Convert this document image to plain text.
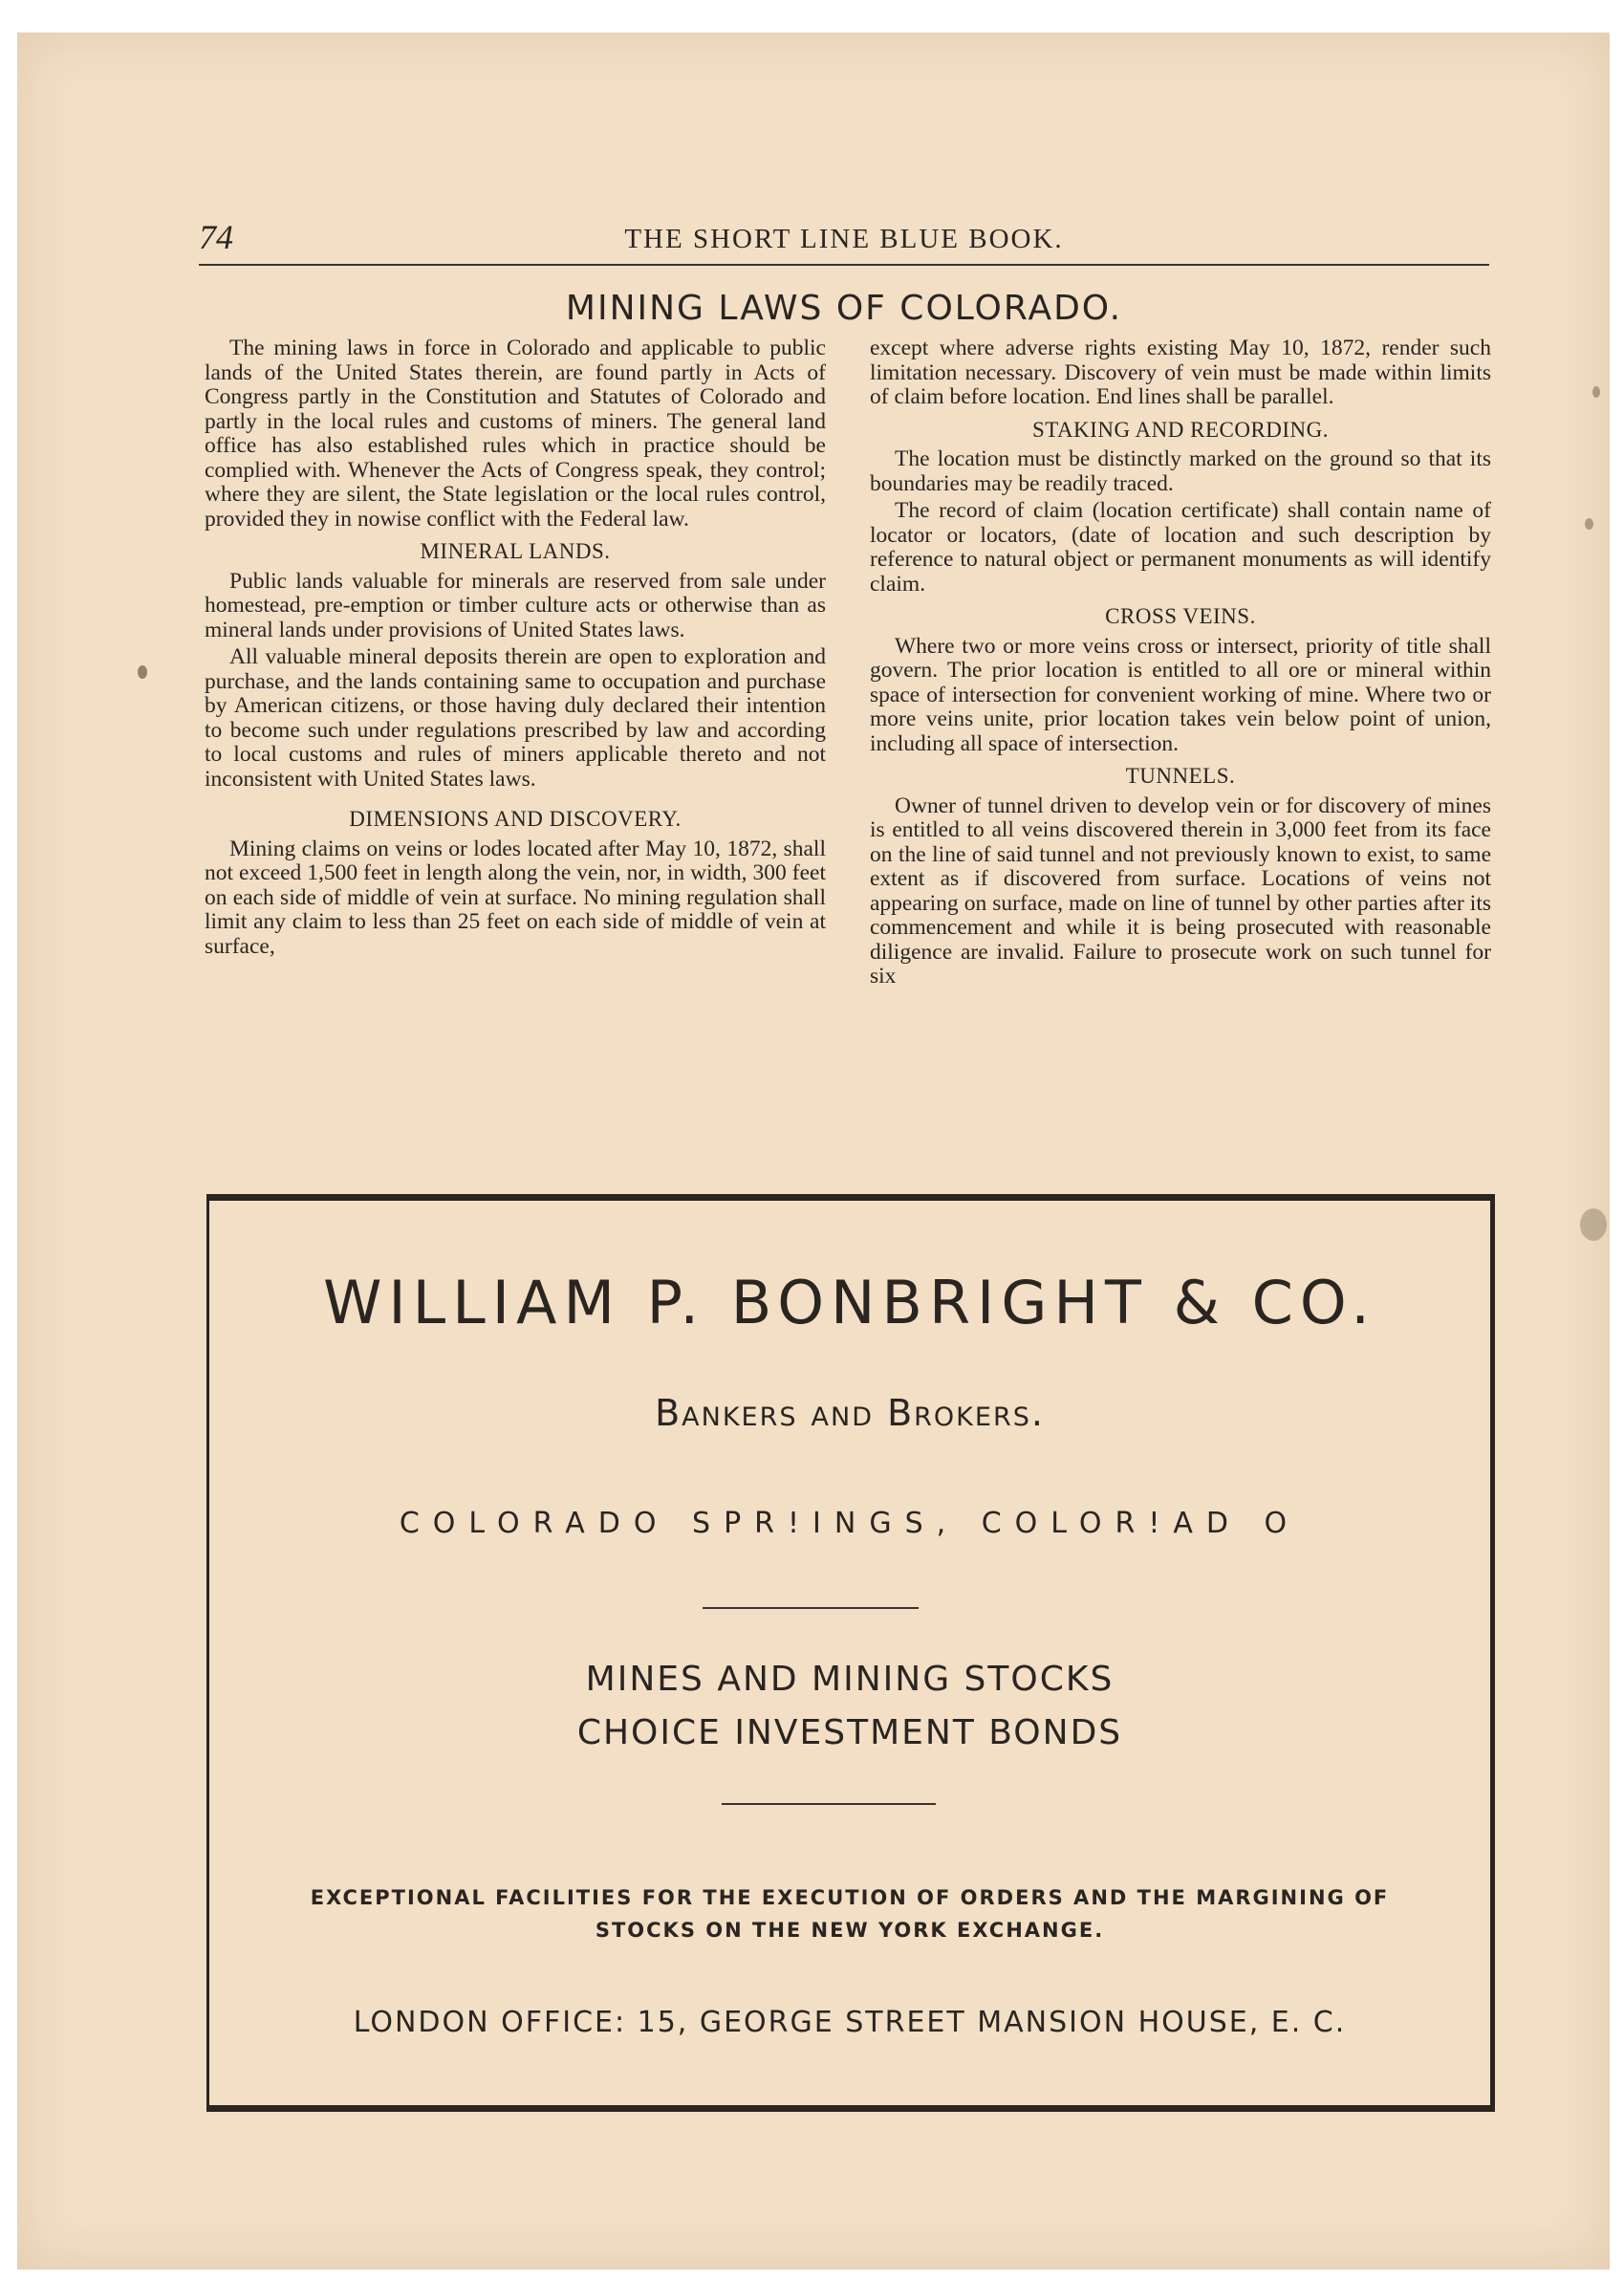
74	THE SHORT LINE BLUE BOOK.
MINING LAWS OF COLORADO.

The mining laws in force in Colorado and applicable to public lands of the United States therein, are found partly in Acts of Congress partly in the Constitution and Statutes of Colorado and partly in the local rules and customs of miners. The general land office has also established rules which in practice should be complied with. Whenever the Acts of Congress speak, they control; where they are silent, the State legislation or the local rules control, provided they in nowise conflict with the Federal law.

MINERAL LANDS.

Public lands valuable for minerals are reserved from sale under homestead, pre-emption or timber culture acts or otherwise than as mineral lands under provisions of United States laws.

All valuable mineral deposits therein are open to exploration and purchase, and the lands containing same to occupation and purchase by American citizens, or those having duly declared their intention to become such under regulations prescribed by law and according to local customs and rules of miners applicable thereto and not inconsistent with United States laws.

DIMENSIONS AND DISCOVERY.

Mining claims on veins or lodes located after May 10, 1872, shall not exceed 1,500 feet in length along the vein, nor, in width, 300 feet on each side of middle of vein at surface. No mining regulation shall limit any claim to less than 25 feet on each side of middle of vein at surface,

except where adverse rights existing May 10, 1872, render such limitation necessary. Discovery of vein must be made within limits of claim before location. End lines shall be parallel.

STAKING AND RECORDING.

The location must be distinctly marked on the ground so that its boundaries may be readily traced.

The record of claim (location certificate) shall contain name of locator or locators, (date of location and such description by reference to natural object or permanent monuments as will identify claim.

CROSS VEINS.

Where two or more veins cross or intersect, priority of title shall govern. The prior location is entitled to all ore or mineral within space of intersection for convenient working of mine. Where two or more veins unite, prior location takes vein below point of union, including all space of intersection.

TUNNELS.

Owner of tunnel driven to develop vein or for discovery of mines is entitled to all veins discovered therein in 3,000 feet from its face on the line of said tunnel and not previously known to exist, to same extent as if discovered from surface. Locations of veins not appearing on surface, made on line of tunnel by other parties after its commencement and while it is being prosecuted with reasonable diligence are invalid. Failure to prosecute work on such tunnel for six

WILLIAM P. BONBRIGHT & CO.
Bankers and Brokers.
COLORADO SPR!INGS, COLOR!AD O
MINES AND MINING STOCKS
CHOICE INVESTMENT BONDS
EXCEPTIONAL FACILITIES FOR THE EXECUTION OF ORDERS AND THE MARGINING OF STOCKS ON THE NEW YORK EXCHANGE.
LONDON OFFICE: 15, GEORGE STREET MANSION HOUSE, E. C.
